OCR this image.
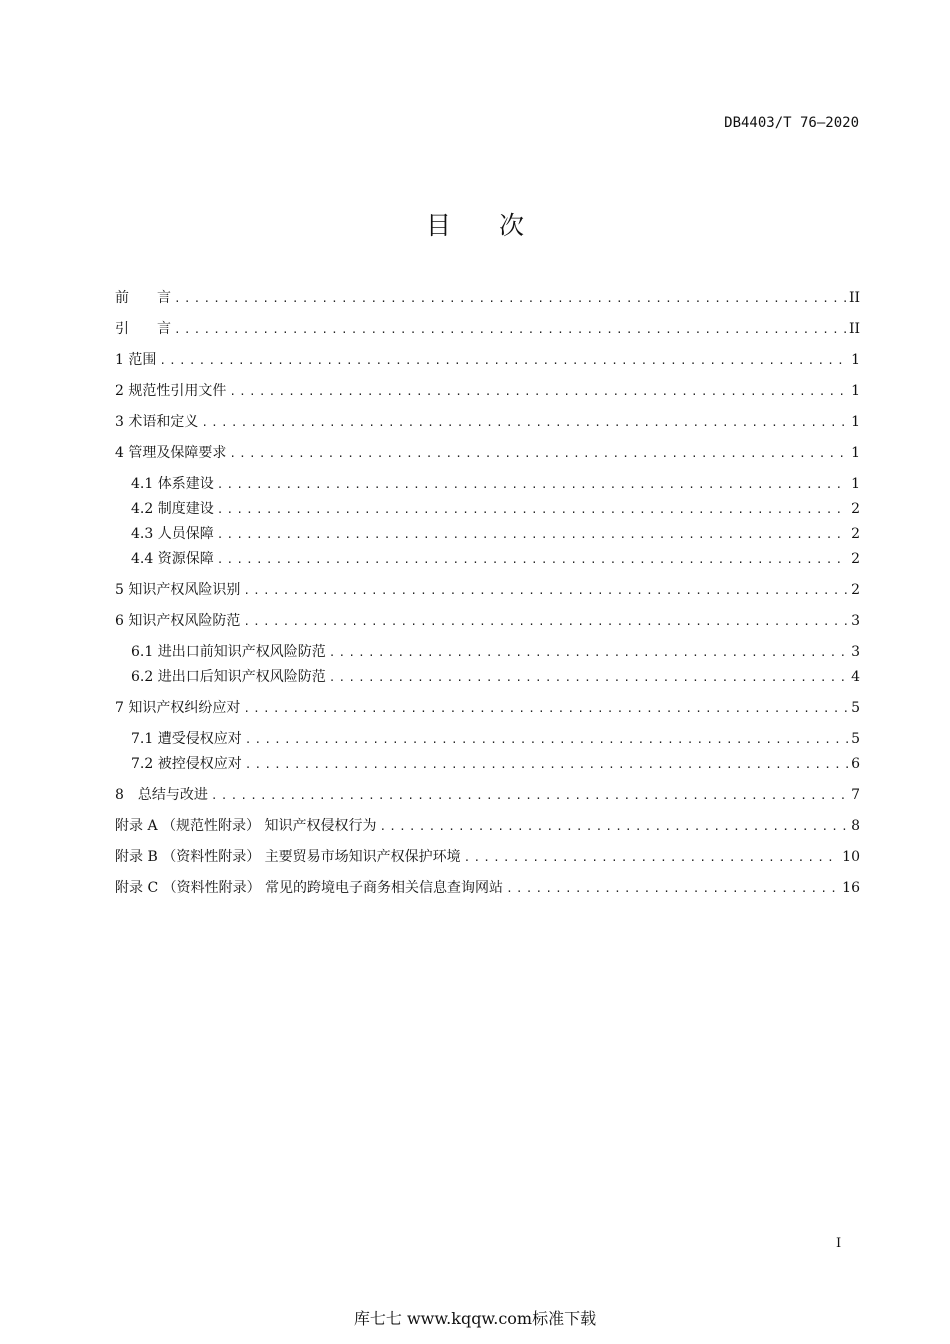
DB4403/T 76—2020
目 次
前　　言 .....	II
引　　言 .....	II
1 范围 .....	1
2 规范性引用文件 .....	1
3 术语和定义 .....	1
4 管理及保障要求 .....	1
4.1 体系建设 .....	1
4.2 制度建设 .....	2
4.3 人员保障 .....	2
4.4 资源保障 .....	2
5 知识产权风险识别 .....	2
6 知识产权风险防范 .....	3
6.1 进出口前知识产权风险防范 .....	3
6.2 进出口后知识产权风险防范 .....	4
7 知识产权纠纷应对 .....	5
7.1 遭受侵权应对 .....	5
7.2 被控侵权应对 .....	6
8　总结与改进 .....	7
附录 A （规范性附录） 知识产权侵权行为 .....	8
附录 B （资料性附录） 主要贸易市场知识产权保护环境 .....	10
附录 C （资料性附录） 常见的跨境电子商务相关信息查询网站 .....	16
I
库七七 www.kqqw.com标准下载
